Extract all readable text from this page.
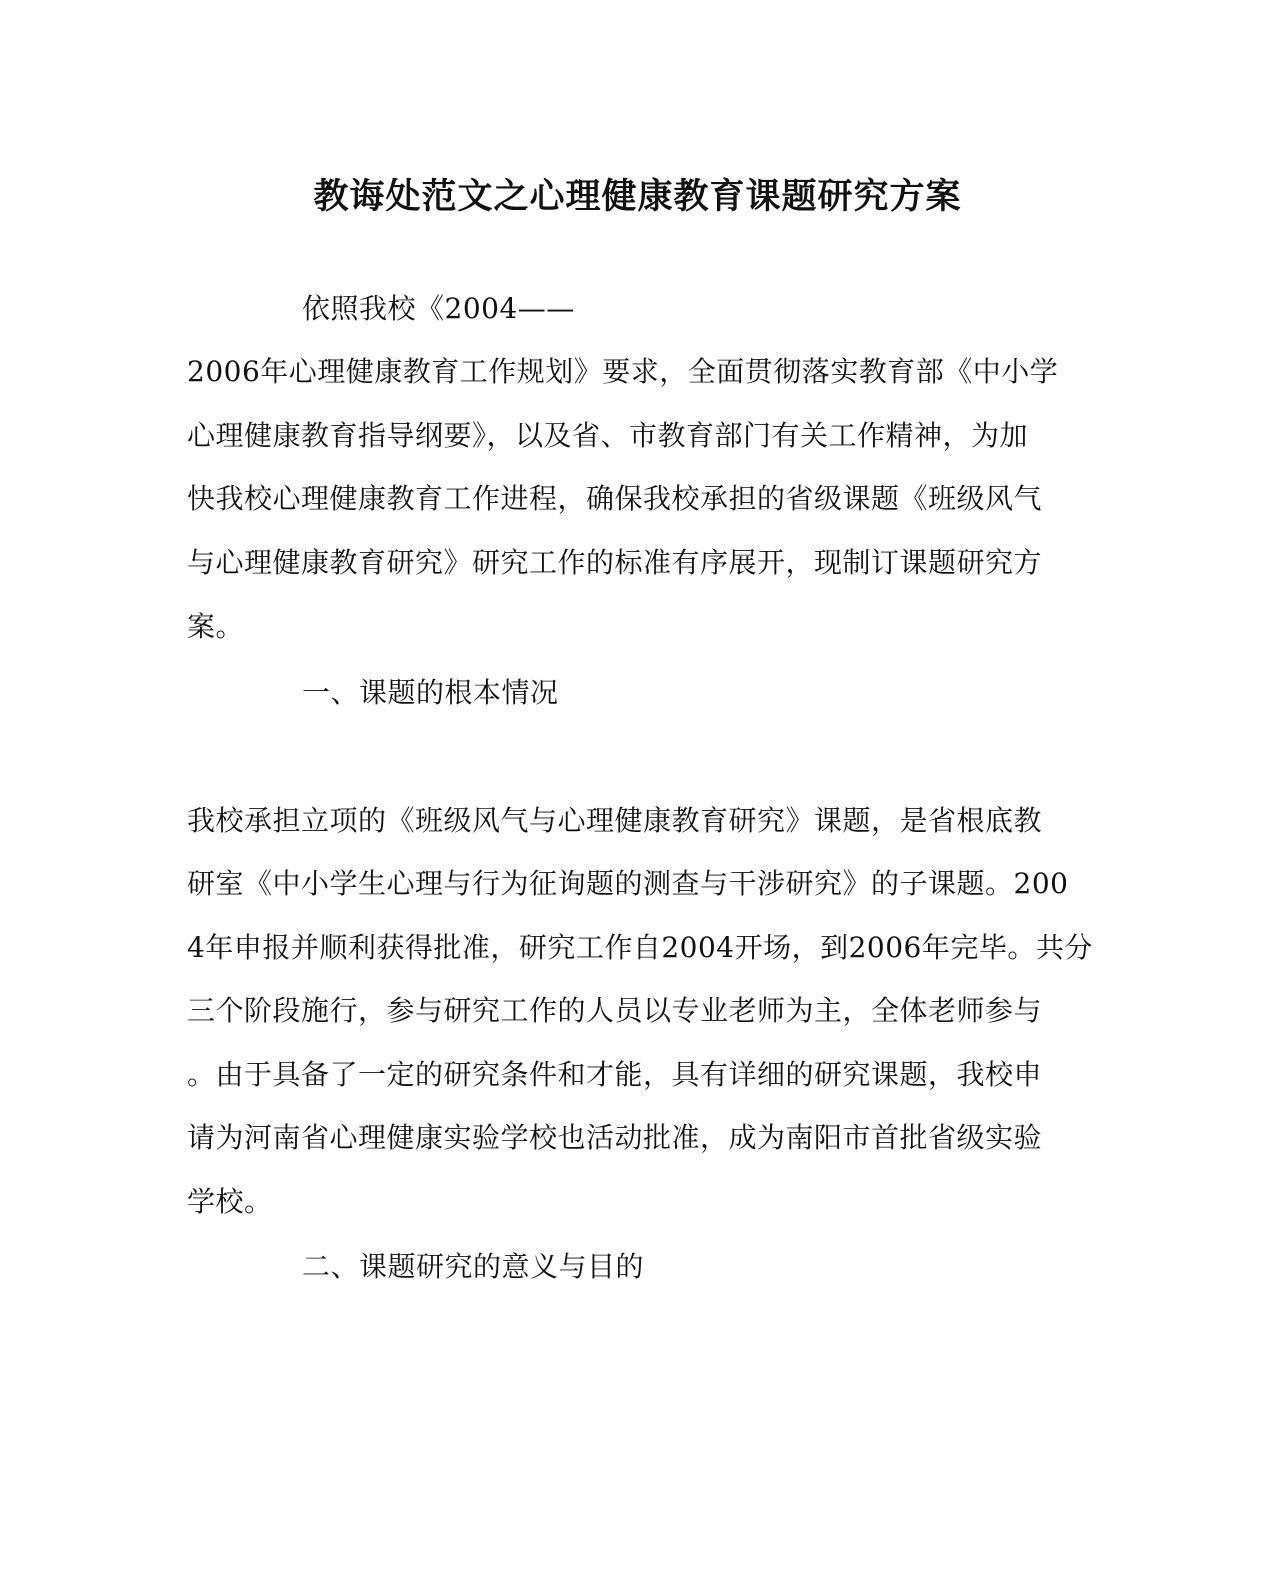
教诲处范文之心理健康教育课题研究方案
依照我校《2004——
2006年心理健康教育工作规划》要求，全面贯彻落实教育部《中小学
心理健康教育指导纲要》，以及省、市教育部门有关工作精神，为加
快我校心理健康教育工作进程，确保我校承担的省级课题《班级风气
与心理健康教育研究》研究工作的标准有序展开，现制订课题研究方
案。
一、课题的根本情况
我校承担立项的《班级风气与心理健康教育研究》课题，是省根底教
研室《中小学生心理与行为征询题的测查与干涉研究》的子课题。200
4年申报并顺利获得批准，研究工作自2004开场，到2006年完毕。共分
三个阶段施行，参与研究工作的人员以专业老师为主，全体老师参与
。由于具备了一定的研究条件和才能，具有详细的研究课题，我校申
请为河南省心理健康实验学校也活动批准，成为南阳市首批省级实验
学校。
二、课题研究的意义与目的
